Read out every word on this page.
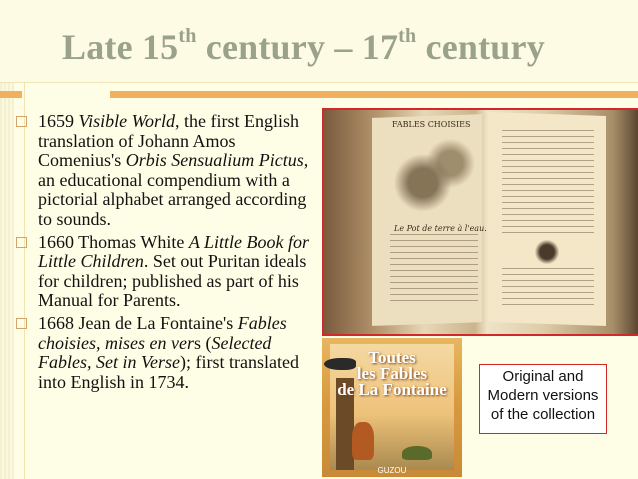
Late 15th century – 17th century
1659 Visible World, the first English translation of Johann Amos Comenius's Orbis Sensualium Pictus, an educational compendium with a pictorial alphabet arranged according to sounds.
1660 Thomas White A Little Book for Little Children. Set out Puritan ideals for children; published as part of his Manual for Parents.
1668 Jean de La Fontaine's Fables choisies, mises en vers (Selected Fables, Set in Verse); first translated into English in 1734.
FABLES CHOISIES
Le Pot de terre à l'eau.
Toutes
les Fables
de La Fontaine
GUZOU
Original and
Modern versions
of the collection
